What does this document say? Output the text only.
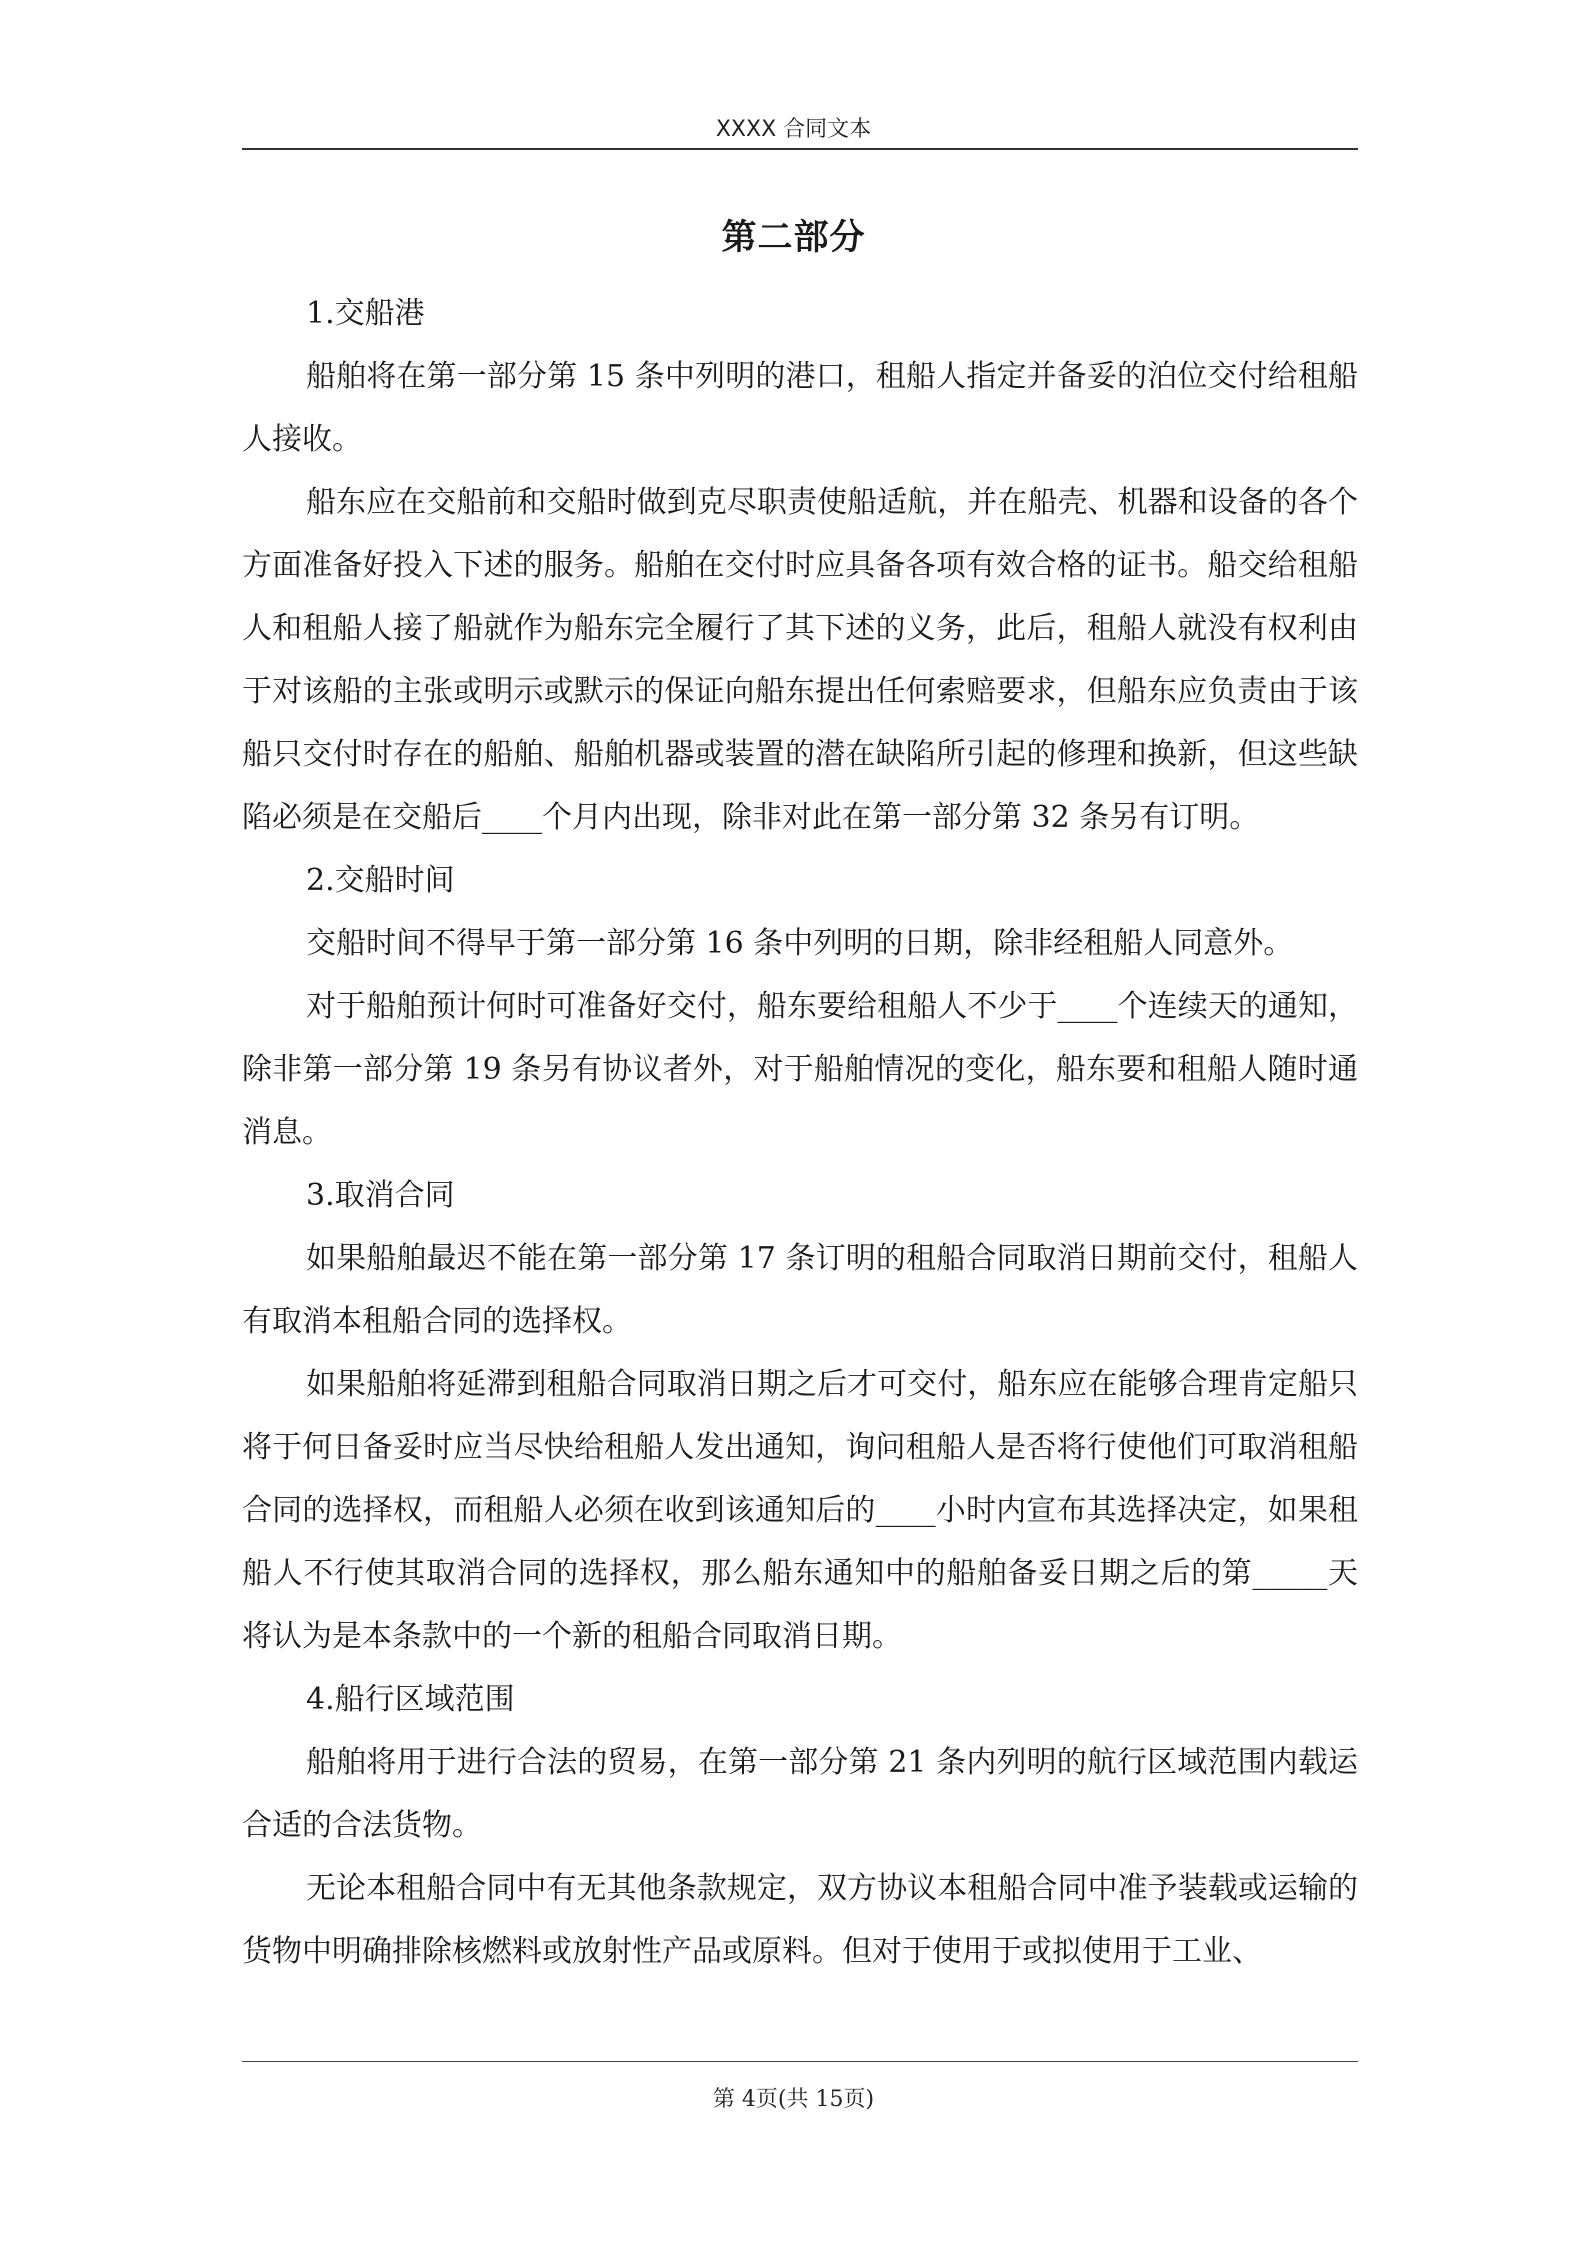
XXXX 合同文本
第二部分

1.交船港

船舶将在第一部分第 15 条中列明的港口，租船人指定并备妥的泊位交付给租船人接收。

船东应在交船前和交船时做到克尽职责使船适航，并在船壳、机器和设备的各个方面准备好投入下述的服务。船舶在交付时应具备各项有效合格的证书。船交给租船人和租船人接了船就作为船东完全履行了其下述的义务，此后，租船人就没有权利由于对该船的主张或明示或默示的保证向船东提出任何索赔要求，但船东应负责由于该船只交付时存在的船舶、船舶机器或装置的潜在缺陷所引起的修理和换新，但这些缺陷必须是在交船后____个月内出现，除非对此在第一部分第 32 条另有订明。

2.交船时间

交船时间不得早于第一部分第 16 条中列明的日期，除非经租船人同意外。

对于船舶预计何时可准备好交付，船东要给租船人不少于____个连续天的通知，除非第一部分第 19 条另有协议者外，对于船舶情况的变化，船东要和租船人随时通消息。

3.取消合同

如果船舶最迟不能在第一部分第 17 条订明的租船合同取消日期前交付，租船人有取消本租船合同的选择权。

如果船舶将延滞到租船合同取消日期之后才可交付，船东应在能够合理肯定船只将于何日备妥时应当尽快给租船人发出通知，询问租船人是否将行使他们可取消租船合同的选择权，而租船人必须在收到该通知后的____小时内宣布其选择决定，如果租船人不行使其取消合同的选择权，那么船东通知中的船舶备妥日期之后的第_____天将认为是本条款中的一个新的租船合同取消日期。

4.船行区域范围

船舶将用于进行合法的贸易，在第一部分第 21 条内列明的航行区域范围内载运合适的合法货物。

无论本租船合同中有无其他条款规定，双方协议本租船合同中准予装载或运输的货物中明确排除核燃料或放射性产品或原料。但对于使用于或拟使用于工业、

第 4页(共 15页)
